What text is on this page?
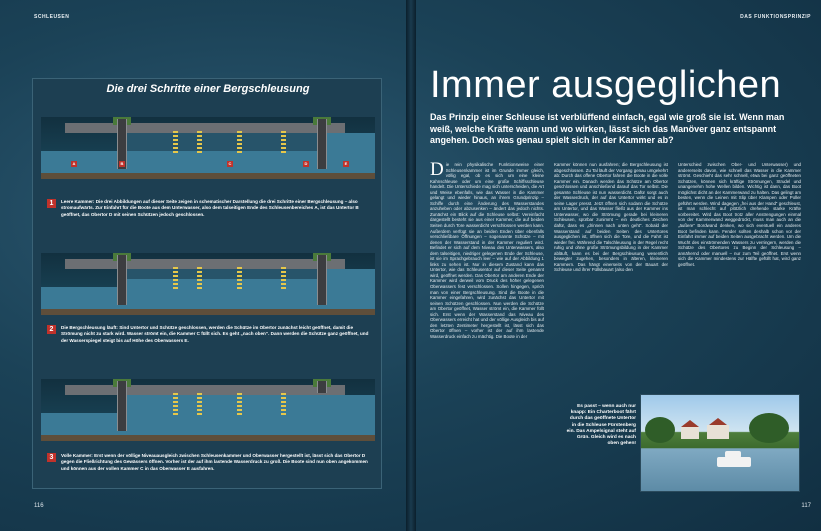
SCHLEUSEN
Die drei Schritte einer Bergschleusung
A	B	C	D	E
1	Leere Kammer: Die drei Abbildungen auf dieser Seite zeigen in schematischer Darstellung die drei Schritte einer Bergschleusung – also stromaufwärts. Zur Einfahrt für die Boote aus dem Unterwasser, also dem talseitigen Ende des Schleusenbereiches A, ist das Untertor B geöffnet, das Obertor D mit seinen Schützen jedoch geschlossen.
2	Die Bergschleusung läuft: Sind Untertor und Schütze geschlossen, werden die Schütze im Obertor zunächst leicht geöffnet, damit die Strömung nicht zu stark wird. Wasser strömt ein, die Kammer C füllt sich. Es geht „nach oben“. Dann werden die Schütze ganz geöffnet, und der Wasserspiegel steigt bis auf Höhe des Oberwassers E.
3	Volle Kammer: Erst wenn der völlige Niveauausgleich zwischen Schleusenkammer und Oberwasser hergestellt ist, lässt sich das Obertor D gegen die Fließrichtung des Gewässers öffnen. Vorher ist der auf ihm lastende Wasserdruck zu groß. Die Boote sind nun oben angekommen und können aus der vollen Kammer C in das Oberwasser E ausfahren.
116
DAS FUNKTIONSPRINZIP
Immer ausgeglichen
Das Prinzip einer Schleuse ist verblüffend einfach, egal wie groß sie ist. Wenn man weiß, welche Kräfte wann und wo wirken, lässt sich das Manöver ganz entspannt angehen. Doch was genau spielt sich in der Kammer ab?
Die rein physikalische Funktionsweise einer Schleusenkammer ist im Grunde immer gleich, völlig egal, ob es sich um eine kleine Kahnschleuse oder um eine große Schiffsschleuse handelt. Die Unterschiede mag sich unterscheiden, die Art und Weise ebenfalls, wie das Wasser in die Kammer gelangt und wieder hinaus, an ihrem Grundprinzip – Schiffe durch eine Änderung des Wasserstandes anzuheben oder abzusenken – ändert das jedoch nichts. Zunächst ein Blick auf die Schleuse selbst: Vereinfacht dargestellt besteht sie aus einer Kammer, die auf beiden Seiten durch Tore wasserdicht verschlossen werden kann. Außerdem verfügt sie an beiden Enden über ebenfalls verschließbare Öffnungen – sogenannte Schütze – mit denen der Wasserstand in der Kammer reguliert wird. Befindet er sich auf dem Niveau des Unterwassers, also dem talseitigen, niedriger gelegenen Ende der Schleuse, ist sie im Sprachgebrauch leer – wie auf der Abbildung 1 links zu sehen ist. Nur in diesem Zustand kann das Untertor, wie das Schleusentor auf dieser Seite genannt wird, geöffnet werden. Das Obertor am anderen Ende der Kammer wird derweil vom Druck des höher gelegenen Oberwassers fest verschlossen. Sollen hingegen, sprich man von einer Bergschleusung. Sind die Boote in die Kammer eingefahren, wird zunächst das Untertor mit seinen Schützen geschlossen. Nun werden die Schütze am Obertor geöffnet, Wasser strömt ein, die Kammer füllt sich. Erst wenn der Wasserstand das Niveau des Oberwassers erreicht hat und der völlige Ausgleich bis auf den letzten Zentimeter hergestellt ist, lässt sich das Obertor öffnen – vorher ist der auf ihm lastende Wasserdruck einfach zu mächtig. Die Boote in der
Kammer können nun ausfahren; die Bergschleusung ist abgeschlossen. Zu Tal läuft der Vorgang genau umgekehrt ab: Durch das offene Obertor fahren die Boote in die volle Kammer ein. Danach werden das Schütze am Obertor geschlossen und anschließend darauf das Tor selbst. Die gesamte Schleuse ist nun wasserdicht. Dafür sorgt auch der Wasserdruck, der auf das Untertor wirkt und es in seine Lager presst. Jetzt öffnen sich sodann die Schütze am Untertor, und das Wasser fließt aus der Kammer ins Unterwasser, wo die Strömung gerade bei kleineren Schleusen, spürbar zunimmt – ein deutliches Zeichen dafür, dass es „drinnen nach unten geht“. Sobald der Wasserstand auf beiden Seiten des Untertores ausgeglichen ist, öffnen sich die Tore, und die Fahrt ist wieder frei. Während die Talschleusung in der Regel recht ruhig und ohne große Strömungsbildung in der Kammer abläuft, kann es bei der Bergschleusung wesentlich bewegter zugehen, besonders in älteren, kleineren Kammern. Das hängt einerseits von der Bauart der Schleuse und ihrer Füllsbauart (also den
Unterschied zwischen Ober- und Unterwasser) und andererseits davon, wie schnell das Wasser in die Kammer strömt. Geschieht das sehr schnell, etwa bei ganz geöffneten Schützen, können sich kräftige Strömungen, Strudel und unangenehm hohe Wellen bilden. Wichtig ist dann, das Boot möglichst dicht an der Kammerwand zu halten. Das gelingt am besten, wenn die Leinen mit Slip über Klampen oder Poller geführt werden. Wind dagegen „frei aus der Hand“ geschleust, ist man schlecht auf plötzlich drehende starke Kräfte vorbereitet. Wird das Boot trotz aller Anstrengungen einmal von der Kammerwand weggedrückt, muss man auch an die „äußere“ Bordwand denken, wo sich eventuell ein anderes Boot befinden kann. Fender sollten deshalb schon vor der Einfahrt immer auf beiden Seiten ausgebracht werden. Um die Wucht des einströmenden Wassers zu verringern, werden die Schütze des Obertores zu Beginn der Schleusung – annähernd oder manuell – nur zum Teil geöffnet. Erst wenn sich die Kammer mindestens zur Hälfte gefüllt hat, wird ganz geöffnet.
Es passt – wenn auch nur knapp: Ein Charterboot fährt durch das geöffnete Untertor in die Schleuse Fürstenberg ein. Das Ampelsignal steht auf Grün. Gleich wird es nach oben gehen!
117
